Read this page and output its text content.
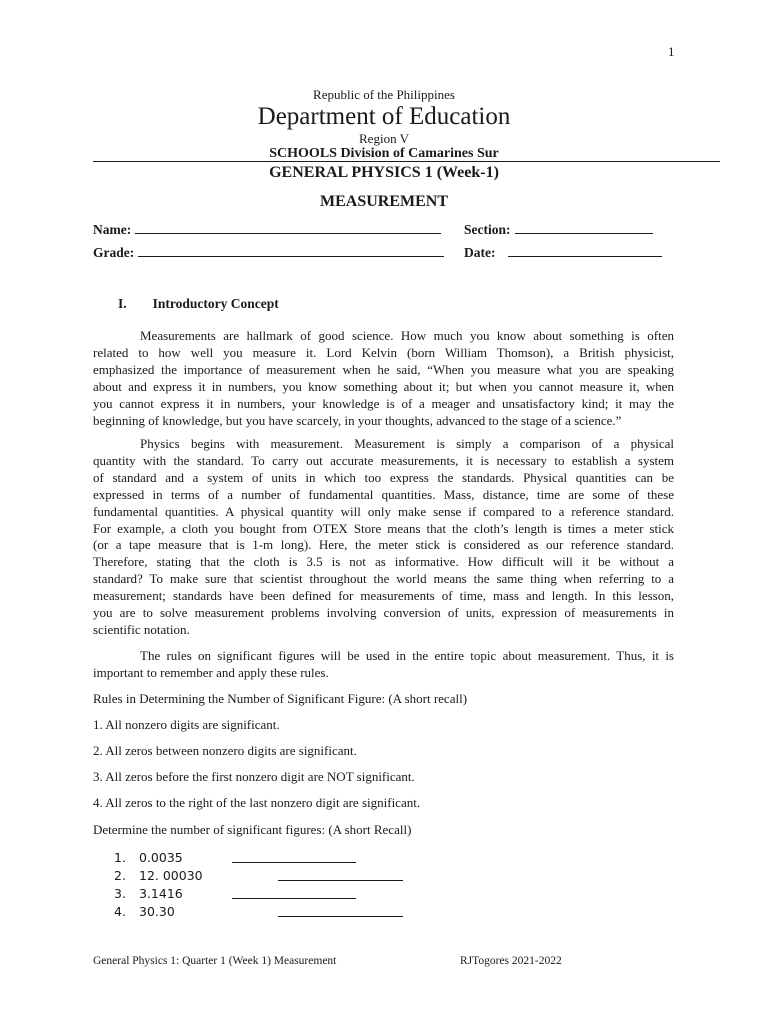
1
Republic of the Philippines
Department of Education
Region V
SCHOOLS Division of Camarines Sur
GENERAL PHYSICS 1 (Week-1)
MEASUREMENT
Name:	Section:
Grade:	Date:
I. Introductory Concept
Measurements are hallmark of good science. How much you know about something is often
related to how well you measure it. Lord Kelvin (born William Thomson), a British physicist,
emphasized the importance of measurement when he said, “When you measure what you are speaking
about and express it in numbers, you know something about it; but when you cannot measure it, when
you cannot express it in numbers, your knowledge is of a meager and unsatisfactory kind; it may the
beginning of knowledge, but you have scarcely, in your thoughts, advanced to the stage of a science.”
Physics begins with measurement. Measurement is simply a comparison of a physical
quantity with the standard. To carry out accurate measurements, it is necessary to establish a system
of standard and a system of units in which too express the standards. Physical quantities can be
expressed in terms of a number of fundamental quantities. Mass, distance, time are some of these
fundamental quantities. A physical quantity will only make sense if compared to a reference standard.
For example, a cloth you bought from OTEX Store means that the cloth’s length is times a meter stick
(or a tape measure that is 1-m long). Here, the meter stick is considered as our reference standard.
Therefore, stating that the cloth is 3.5 is not as informative. How difficult will it be without a
standard? To make sure that scientist throughout the world means the same thing when referring to a
measurement; standards have been defined for measurements of time, mass and length. In this lesson,
you are to solve measurement problems involving conversion of units, expression of measurements in
scientific notation.
The rules on significant figures will be used in the entire topic about measurement. Thus, it is
important to remember and apply these rules.
Rules in Determining the Number of Significant Figure: (A short recall)
1. All nonzero digits are significant.
2. All zeros between nonzero digits are significant.
3. All zeros before the first nonzero digit are NOT significant.
4. All zeros to the right of the last nonzero digit are significant.
Determine the number of significant figures: (A short Recall)
1. 0.0035
2. 12. 00030
3. 3.1416
4. 30.30
General Physics 1: Quarter 1 (Week 1) Measurement	RJTogores 2021-2022
